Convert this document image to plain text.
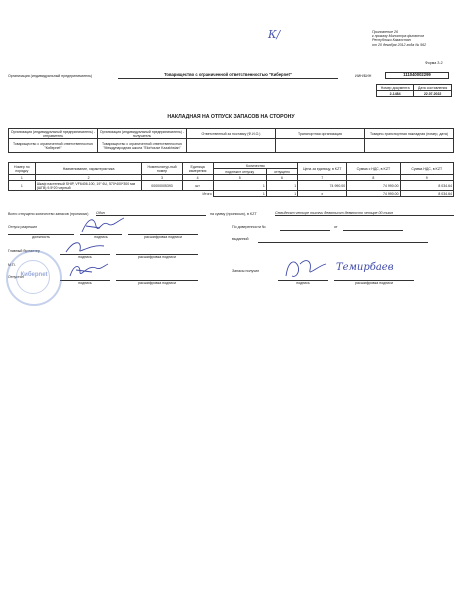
Приложение 26
к приказу Министра финансов
Республики Казахстан
от 20 декабря 2012 года № 562
К/
Форма З-2
Организация (индивидуальный предприниматель)	Товарищество с ограниченной ответственностью "Киберnet"	ИИН/БИН	111040002299
Номер документа	Дата составления
2-1484	22.07.2022
НАКЛАДНАЯ НА ОТПУСК ЗАПАСОВ НА СТОРОНУ
Организация (индивидуальный предприниматель) - отправитель	Организация (индивидуальный предприниматель) - получатель	Ответственный за поставку (Ф.И.О.)	Транспортная организация	Товарно-транспортная накладная (номер, дата)
Товарищество с ограниченной ответственностью "Киберnet"	Товарищество с ограниченной ответственностью "Международная школа "Elorhouse Kazakhstan"			
Номер по порядку	Наименование, характеристика	Номенклатур-ный номер	Единица измерения	Количество		Цена за единицу, в KZT	Сумма с НДС, в KZT	Сумма НДС, в KZT
				подлежит отпуску	отпущено			
1	2	3	4	5	6	7	8	9
1	Шкаф настенный SHIP, VF6406.100, 19" 6U, 570*400*300 мм (ШГВ) 9.5*20 черный	00000005393	шт	1	1	74 990.00	74 990.00	8 034.64
			Итого	1	1	x	74 990.00	8 034.64
Всего отпущено количество запасов (прописью) Один	на сумму (прописью), в KZT	Семьдесят четыре тысячи девятьсот девяносто четыре 00 тиын
Отпуск разрешил
должность	подпись	расшифровка подписи
Главный бухгалтер
подпись	расшифровка подписи
М.П.
Отпустил
подпись	расшифровка подписи
По доверенности №	от
выданной
Запасы получил
подпись	расшифровка подписи
Киберnet
Темирбаев
